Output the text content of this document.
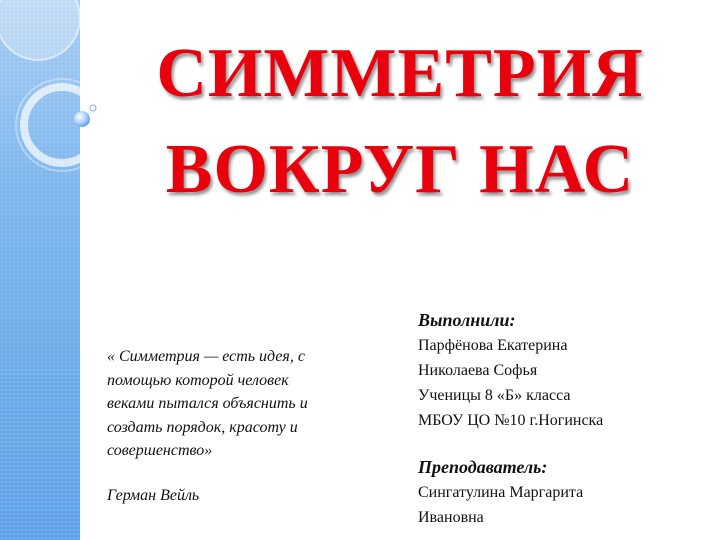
СИММЕТРИЯ
ВОКРУГ НАС
« Симметрия — есть идея, с
помощью которой человек
веками пытался объяснить и
создать порядок, красоту и
совершенство»
Герман Вейль
Выполнили:
Парфёнова Екатерина
Николаева Софья
Ученицы 8 «Б» класса
МБОУ ЦО №10 г.Ногинска
Преподаватель:
Сингатулина Маргарита
Ивановна
